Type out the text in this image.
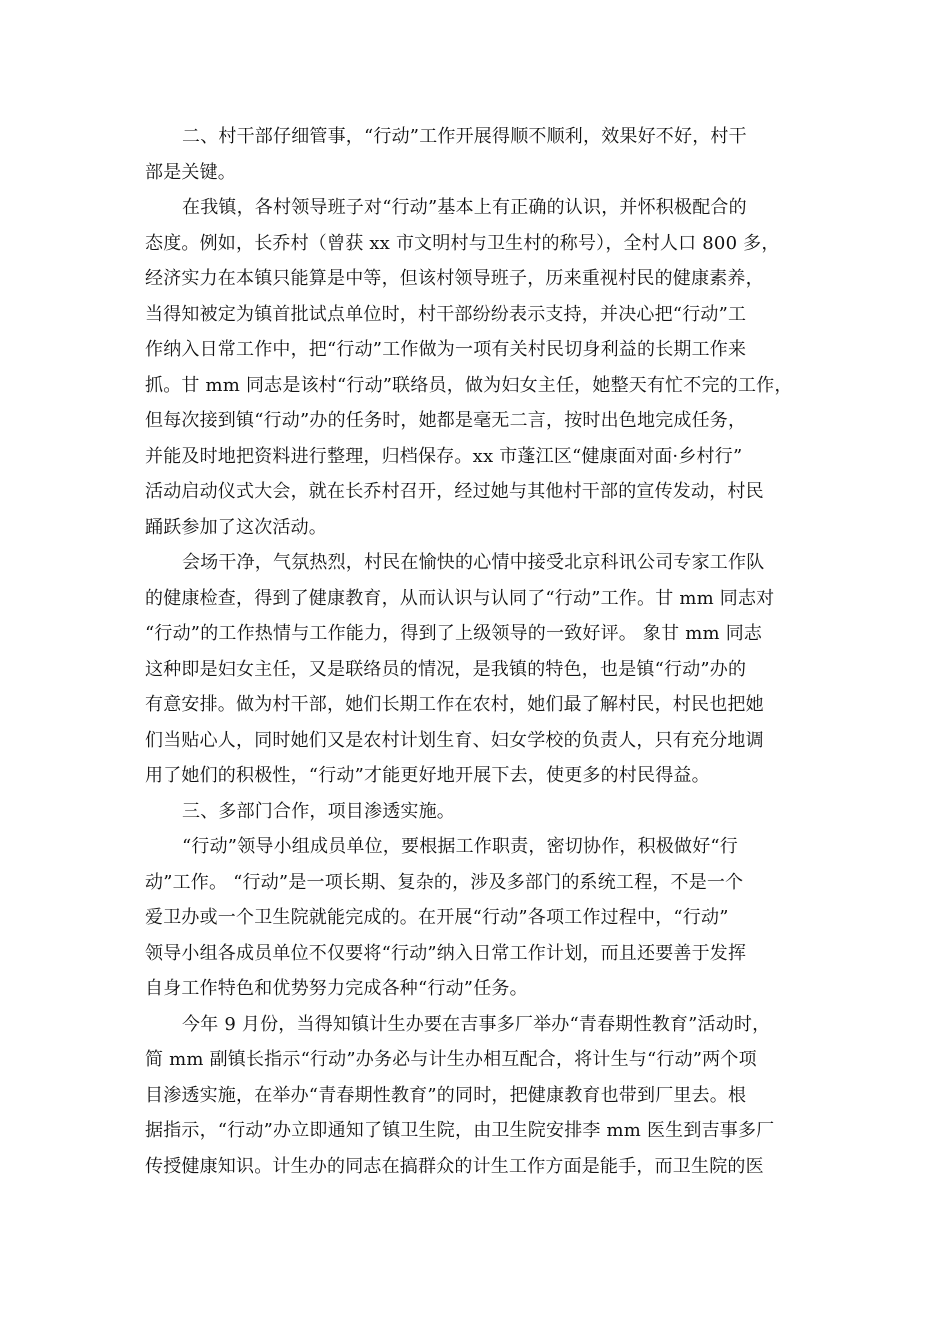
二、村干部仔细管事，“行动”工作开展得顺不顺利，效果好不好，村干
部是关键。
在我镇，各村领导班子对“行动”基本上有正确的认识，并怀积极配合的
态度。例如，长乔村（曾获 xx 市文明村与卫生村的称号），全村人口 800 多，
经济实力在本镇只能算是中等，但该村领导班子，历来重视村民的健康素养，
当得知被定为镇首批试点单位时，村干部纷纷表示支持，并决心把“行动”工
作纳入日常工作中，把“行动”工作做为一项有关村民切身利益的长期工作来
抓。甘 mm 同志是该村“行动”联络员，做为妇女主任，她整天有忙不完的工作，
但每次接到镇“行动”办的任务时，她都是毫无二言，按时出色地完成任务，
并能及时地把资料进行整理，归档保存。xx 市蓬江区“健康面对面·乡村行”
活动启动仪式大会，就在长乔村召开，经过她与其他村干部的宣传发动，村民
踊跃参加了这次活动。
会场干净，气氛热烈，村民在愉快的心情中接受北京科讯公司专家工作队
的健康检查，得到了健康教育，从而认识与认同了“行动”工作。甘 mm 同志对
“行动”的工作热情与工作能力，得到了上级领导的一致好评。 象甘 mm 同志
这种即是妇女主任，又是联络员的情况，是我镇的特色，也是镇“行动”办的
有意安排。做为村干部，她们长期工作在农村，她们最了解村民，村民也把她
们当贴心人，同时她们又是农村计划生育、妇女学校的负责人，只有充分地调
用了她们的积极性，“行动”才能更好地开展下去，使更多的村民得益。
三、多部门合作，项目渗透实施。
“行动”领导小组成员单位，要根据工作职责，密切协作，积极做好“行
动”工作。 “行动”是一项长期、复杂的，涉及多部门的系统工程，不是一个
爱卫办或一个卫生院就能完成的。在开展“行动”各项工作过程中，“行动”
领导小组各成员单位不仅要将“行动”纳入日常工作计划，而且还要善于发挥
自身工作特色和优势努力完成各种“行动”任务。
今年 9 月份，当得知镇计生办要在吉事多厂举办“青春期性教育”活动时，
简 mm 副镇长指示“行动”办务必与计生办相互配合，将计生与“行动”两个项
目渗透实施，在举办“青春期性教育”的同时，把健康教育也带到厂里去。根
据指示，“行动”办立即通知了镇卫生院，由卫生院安排李 mm 医生到吉事多厂
传授健康知识。计生办的同志在搞群众的计生工作方面是能手，而卫生院的医
